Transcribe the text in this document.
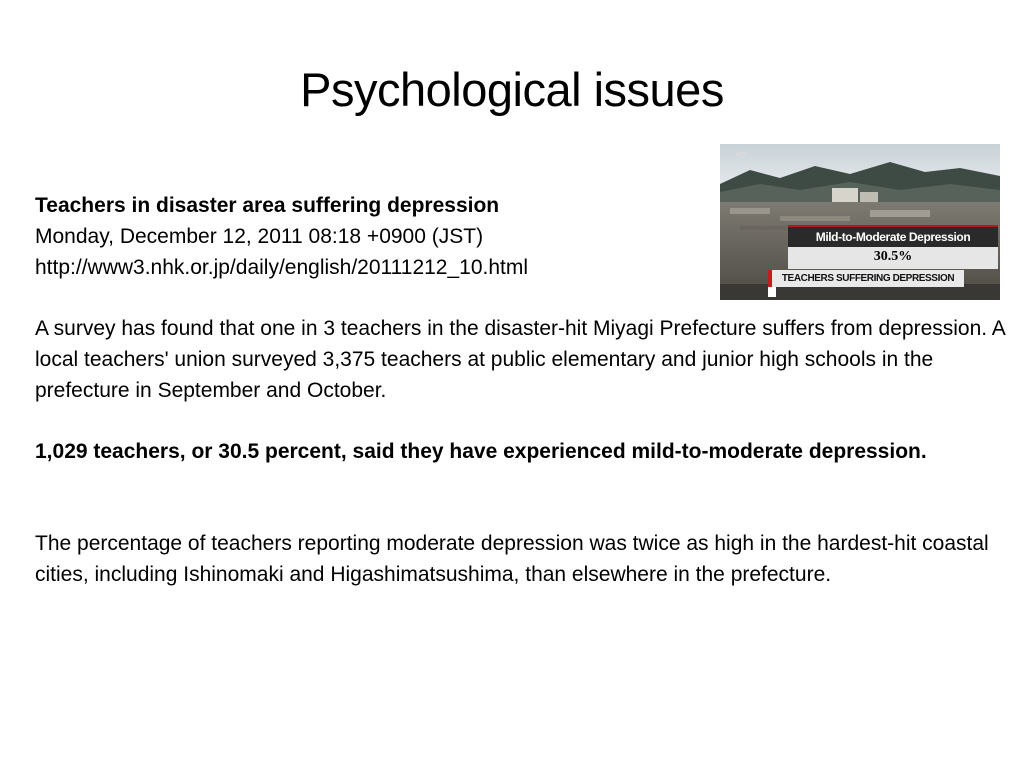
Psychological issues
Teachers in disaster area suffering depression
Monday, December 12, 2011 08:18 +0900 (JST)
http://www3.nhk.or.jp/daily/english/20111212_10.html
A survey has found that one in 3 teachers in the disaster-hit Miyagi Prefecture suffers from depression. A local teachers' union surveyed 3,375 teachers at public elementary and junior high schools in the prefecture in September and October.
1,029 teachers, or 30.5 percent, said they have experienced mild-to-moderate depression.
The percentage of teachers reporting moderate depression was twice as high in the hardest-hit coastal cities, including Ishinomaki and Higashimatsushima, than elsewhere in the prefecture.
HD
Mild-to-Moderate Depression
30.5%
TEACHERS SUFFERING DEPRESSION
